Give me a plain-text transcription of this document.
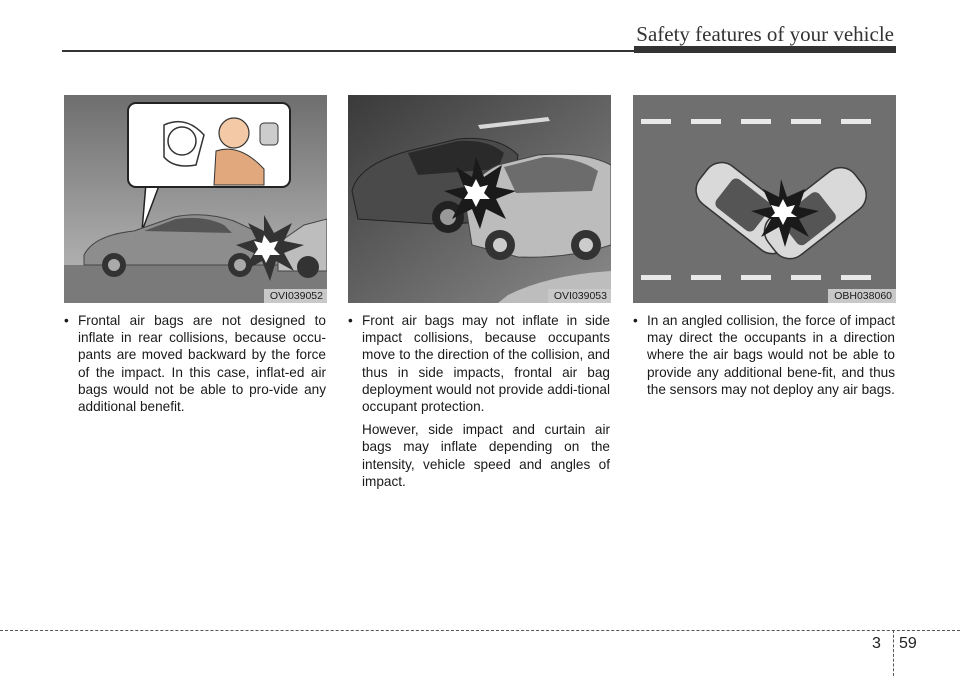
Safety features of your vehicle
OVI039052	OVI039053	OBH038060
• Frontal air bags are not designed to inflate in rear collisions, because occu-pants are moved backward by the force of the impact. In this case, inflat-ed air bags would not be able to pro-vide any additional benefit.
• Front air bags may not inflate in side impact collisions, because occupants move to the direction of the collision, and thus in side impacts, frontal air bag deployment would not provide addi-tional occupant protection.
However, side impact and curtain air bags may inflate depending on the intensity, vehicle speed and angles of impact.
• In an angled collision, the force of impact may direct the occupants in a direction where the air bags would not be able to provide any additional bene-fit, and thus the sensors may not deploy any air bags.
3 59
